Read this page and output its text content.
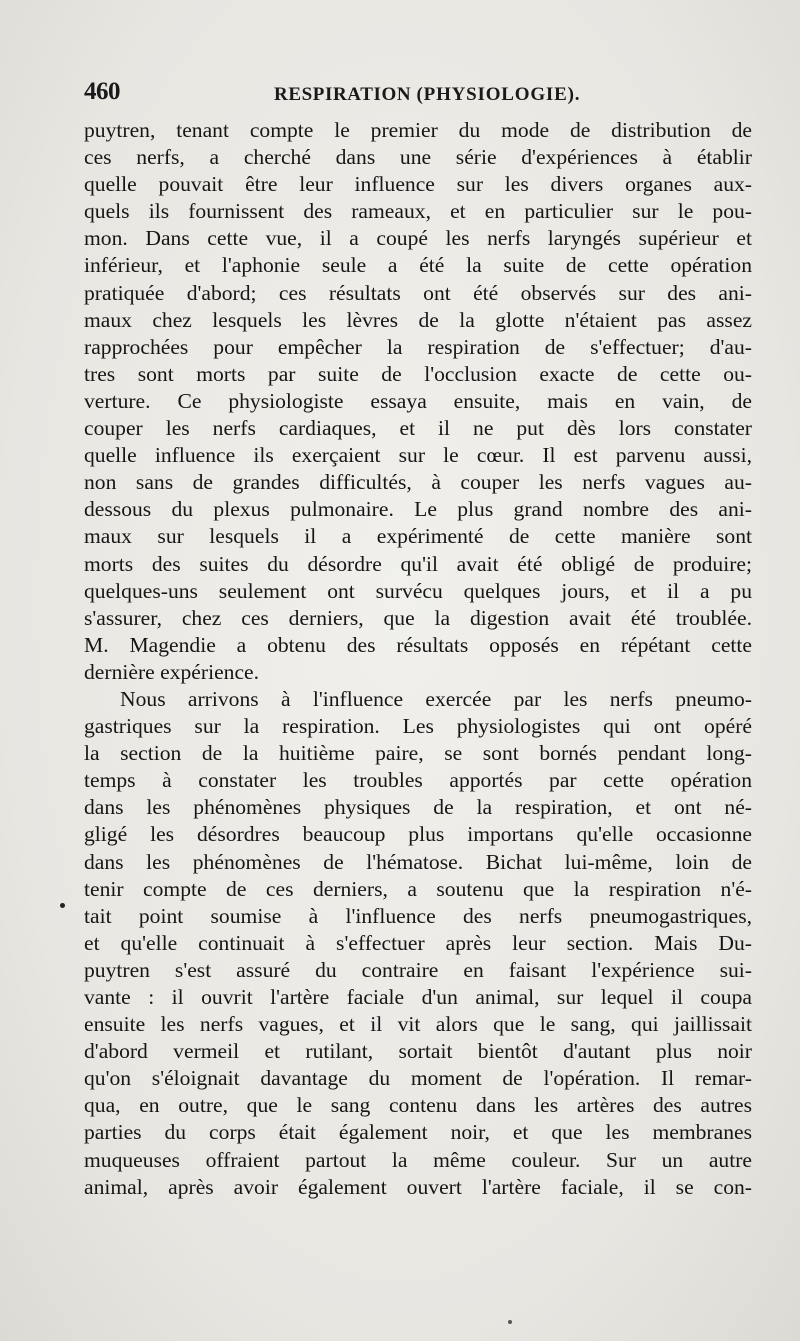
460	RESPIRATION (PHYSIOLOGIE).
puytren, tenant compte le premier du mode de distribution de
ces nerfs, a cherché dans une série d'expériences à établir
quelle pouvait être leur influence sur les divers organes aux-
quels ils fournissent des rameaux, et en particulier sur le pou-
mon. Dans cette vue, il a coupé les nerfs laryngés supérieur et
inférieur, et l'aphonie seule a été la suite de cette opération
pratiquée d'abord; ces résultats ont été observés sur des ani-
maux chez lesquels les lèvres de la glotte n'étaient pas assez
rapprochées pour empêcher la respiration de s'effectuer; d'au-
tres sont morts par suite de l'occlusion exacte de cette ou-
verture. Ce physiologiste essaya ensuite, mais en vain, de
couper les nerfs cardiaques, et il ne put dès lors constater
quelle influence ils exerçaient sur le cœur. Il est parvenu aussi,
non sans de grandes difficultés, à couper les nerfs vagues au-
dessous du plexus pulmonaire. Le plus grand nombre des ani-
maux sur lesquels il a expérimenté de cette manière sont
morts des suites du désordre qu'il avait été obligé de produire;
quelques-uns seulement ont survécu quelques jours, et il a pu
s'assurer, chez ces derniers, que la digestion avait été troublée.
M. Magendie a obtenu des résultats opposés en répétant cette
dernière expérience.
Nous arrivons à l'influence exercée par les nerfs pneumo-
gastriques sur la respiration. Les physiologistes qui ont opéré
la section de la huitième paire, se sont bornés pendant long-
temps à constater les troubles apportés par cette opération
dans les phénomènes physiques de la respiration, et ont né-
gligé les désordres beaucoup plus importans qu'elle occasionne
dans les phénomènes de l'hématose. Bichat lui-même, loin de
tenir compte de ces derniers, a soutenu que la respiration n'é-
tait point soumise à l'influence des nerfs pneumogastriques,
et qu'elle continuait à s'effectuer après leur section. Mais Du-
puytren s'est assuré du contraire en faisant l'expérience sui-
vante : il ouvrit l'artère faciale d'un animal, sur lequel il coupa
ensuite les nerfs vagues, et il vit alors que le sang, qui jaillissait
d'abord vermeil et rutilant, sortait bientôt d'autant plus noir
qu'on s'éloignait davantage du moment de l'opération. Il remar-
qua, en outre, que le sang contenu dans les artères des autres
parties du corps était également noir, et que les membranes
muqueuses offraient partout la même couleur. Sur un autre
animal, après avoir également ouvert l'artère faciale, il se con-
